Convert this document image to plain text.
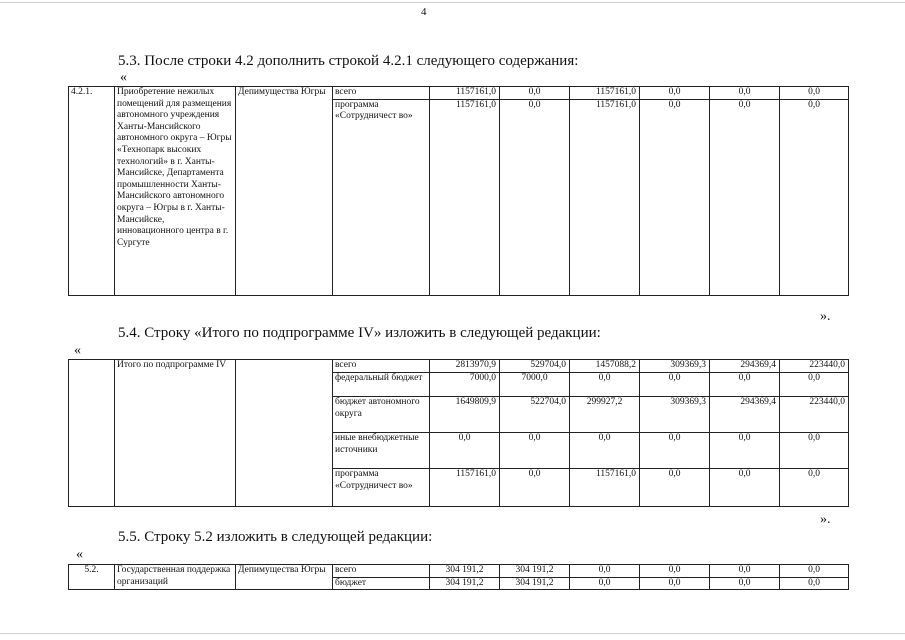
4
5.3. После строки 4.2 дополнить строкой 4.2.1 следующего содержания:
«
4.2.1.	Приобретение нежилых помещений для размещения автономного учреждения Ханты-Мансийского автономного округа – Югры «Технопарк высоких технологий» в г. Ханты-Мансийске, Департамента промышленности Ханты-Мансийского автономного округа – Югры в г. Ханты-Мансийске, инновационного центра в г. Сургуте	Депимущества Югры	всего	1157161,0	0,0	1157161,0	0,0	0,0	0,0
			программа «Сотрудничест во»	1157161,0	0,0	1157161,0	0,0	0,0	0,0
».
5.4. Строку «Итого по подпрограмме IV» изложить в следующей редакции:
«
	Итого по подпрограмме IV		всего	2813970,9	529704,0	1457088,2	309369,3	294369,4	223440,0
			федеральный бюджет	7000,0	7000,0	0,0	0,0	0,0	0,0
			бюджет автономного округа	1649809,9	522704,0	299927,2	309369,3	294369,4	223440,0
			иные внебюджетные источники	0,0	0,0	0,0	0,0	0,0	0,0
			программа «Сотрудничест во»	1157161,0	0,0	1157161,0	0,0	0,0	0,0
».
5.5. Строку 5.2 изложить в следующей редакции:
«
5.2.	Государственная поддержка организаций	Депимущества Югры	всего	304 191,2	304 191,2	0,0	0,0	0,0	0,0
			бюджет	304 191,2	304 191,2	0,0	0,0	0,0	0,0
